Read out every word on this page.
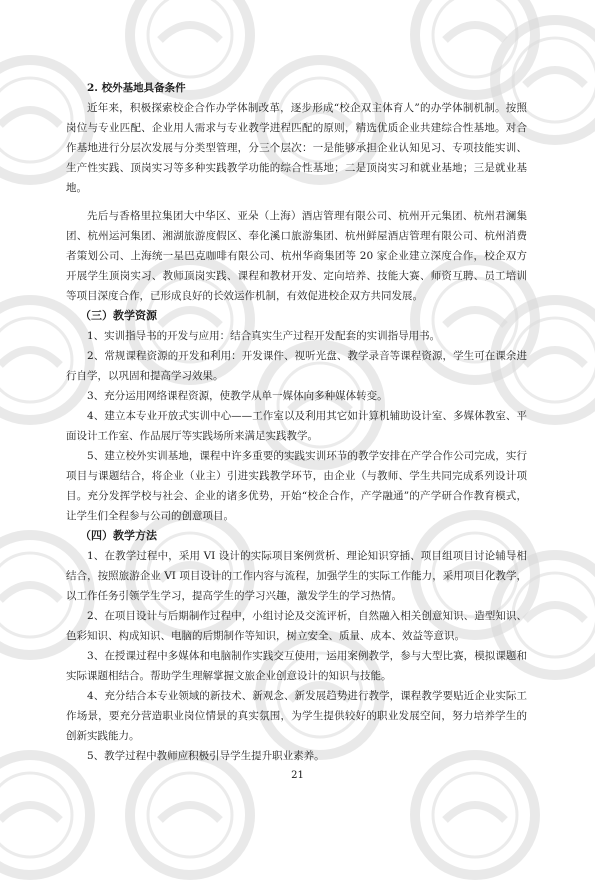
2. 校外基地具备条件

近年来，积极探索校企合作办学体制改革，逐步形成“校企双主体育人”的办学体制机制。按照岗位与专业匹配、企业用人需求与专业教学进程匹配的原则，精选优质企业共建综合性基地。对合作基地进行分层次发展与分类型管理，分三个层次：一是能够承担企业认知见习、专项技能实训、生产性实践、顶岗实习等多种实践教学功能的综合性基地；二是顶岗实习和就业基地；三是就业基地。

先后与香格里拉集团大中华区、亚朵（上海）酒店管理有限公司、杭州开元集团、杭州君澜集团、杭州运河集团、湘湖旅游度假区、奉化溪口旅游集团、杭州鲜屋酒店管理有限公司、杭州消费者策划公司、上海统一星巴克咖啡有限公司、杭州华商集团等 20 家企业建立深度合作，校企双方开展学生顶岗实习、教师顶岗实践、课程和教材开发、定向培养、技能大赛、师资互聘、员工培训等项目深度合作，已形成良好的长效运作机制，有效促进校企双方共同发展。

（三）教学资源

1、实训指导书的开发与应用：结合真实生产过程开发配套的实训指导用书。

2、常规课程资源的开发和利用：开发课件、视听光盘、教学录音等课程资源，学生可在课余进行自学，以巩固和提高学习效果。

3、充分运用网络课程资源，使教学从单一媒体向多种媒体转变。

4、建立本专业开放式实训中心——工作室以及利用其它如计算机辅助设计室、多媒体教室、平面设计工作室、作品展厅等实践场所来满足实践教学。

5、建立校外实训基地，课程中许多重要的实践实训环节的教学安排在产学合作公司完成，实行项目与课题结合，将企业（业主）引进实践教学环节，由企业（与教师、学生共同完成系列设计项目。充分发挥学校与社会、企业的诸多优势，开始“校企合作，产学融通”的产学研合作教育模式，让学生们全程参与公司的创意项目。

（四）教学方法

1、在教学过程中，采用 VI 设计的实际项目案例赏析、理论知识穿插、项目组项目讨论辅导相结合，按照旅游企业 VI 项目设计的工作内容与流程，加强学生的实际工作能力，采用项目化教学，以工作任务引领学生学习，提高学生的学习兴趣，激发学生的学习热情。

2、在项目设计与后期制作过程中，小组讨论及交流评析，自然融入相关创意知识、造型知识、色彩知识、构成知识、电脑的后期制作等知识，树立安全、质量、成本、效益等意识。

3、在授课过程中多媒体和电脑制作实践交互使用，运用案例教学，参与大型比赛，模拟课题和实际课题相结合。帮助学生理解掌握文旅企业创意设计的知识与技能。

4、充分结合本专业领域的新技术、新观念、新发展趋势进行教学，课程教学要贴近企业实际工作场景，要充分营造职业岗位情景的真实氛围，为学生提供较好的职业发展空间，努力培养学生的创新实践能力。

5、教学过程中教师应积极引导学生提升职业素养。

21
